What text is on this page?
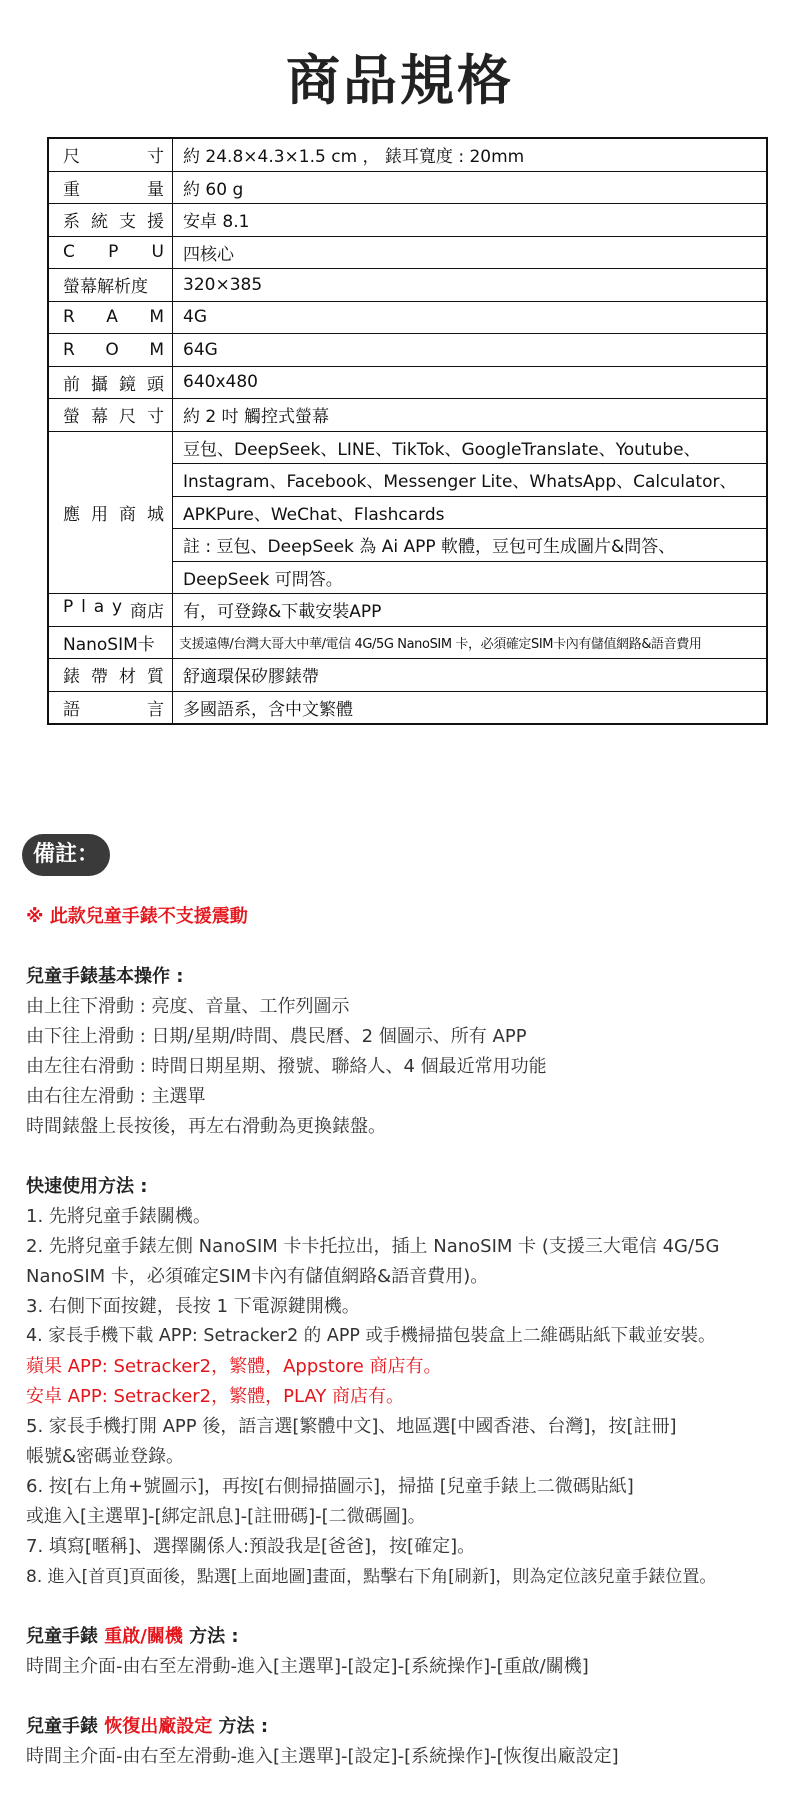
商品規格
尺 寸	約 24.8×4.3×1.5 cm ， 錶耳寬度 : 20mm

重 量	約 60 g

系 統 支 援	安卓 8.1

C P U	四核心
螢幕解析度	320×385

R A M	4G

R O M	64G

前 攝 鏡 頭	640x480

螢 幕 尺 寸	約 2 吋 觸控式螢幕

應 用 商 城	豆包、DeepSeek、LINE、TikTok、GoogleTranslate、Youtube、
	Instagram、Facebook、Messenger Lite、WhatsApp、Calculator、
	APKPure、WeChat、Flashcards
	註 : 豆包、DeepSeek 為 Ai APP 軟體，豆包可生成圖片&問答、
	DeepSeek 可問答。

P l a y 商店	有，可登錄&下載安裝APP
NanoSIM卡	支援遠傳/台灣大哥大中華/電信 4G/5G NanoSIM 卡，必須確定SIM卡內有儲值網路&語音費用

錶 帶 材 質	舒適環保矽膠錶帶

語 言	多國語系，含中文繁體
備註：
※ 此款兒童手錶不支援震動
兒童手錶基本操作 :
由上往下滑動 : 亮度、音量、工作列圖示
由下往上滑動 : 日期/星期/時間、農民曆、2 個圖示、所有 APP
由左往右滑動 : 時間日期星期、撥號、聯絡人、4 個最近常用功能
由右往左滑動 : 主選單
時間錶盤上長按後，再左右滑動為更換錶盤。
快速使用方法 :
1. 先將兒童手錶關機。
2. 先將兒童手錶左側 NanoSIM 卡卡托拉出，插上 NanoSIM 卡 (支援三大電信 4G/5G
NanoSIM 卡，必須確定SIM卡內有儲值網路&語音費用)。
3. 右側下面按鍵，長按 1 下電源鍵開機。
4. 家長手機下載 APP: Setracker2 的 APP 或手機掃描包裝盒上二維碼貼紙下載並安裝。
蘋果 APP: Setracker2，繁體，Appstore 商店有。
安卓 APP: Setracker2，繁體，PLAY 商店有。
5. 家長手機打開 APP 後，語言選[繁體中文]、地區選[中國香港、台灣]，按[註冊]
帳號&密碼並登錄。
6. 按[右上角+號圖示]，再按[右側掃描圖示]，掃描 [兒童手錶上二微碼貼紙]
或進入[主選單]-[綁定訊息]-[註冊碼]-[二微碼圖]。
7. 填寫[暱稱]、選擇關係人:預設我是[爸爸]，按[確定]。
8. 進入[首頁]頁面後，點選[上面地圖]畫面，點擊右下角[刷新]，則為定位該兒童手錶位置。
兒童手錶 重啟/關機 方法 :
時間主介面-由右至左滑動-進入[主選單]-[設定]-[系統操作]-[重啟/關機]
兒童手錶 恢復出廠設定 方法 :
時間主介面-由右至左滑動-進入[主選單]-[設定]-[系統操作]-[恢復出廠設定]
